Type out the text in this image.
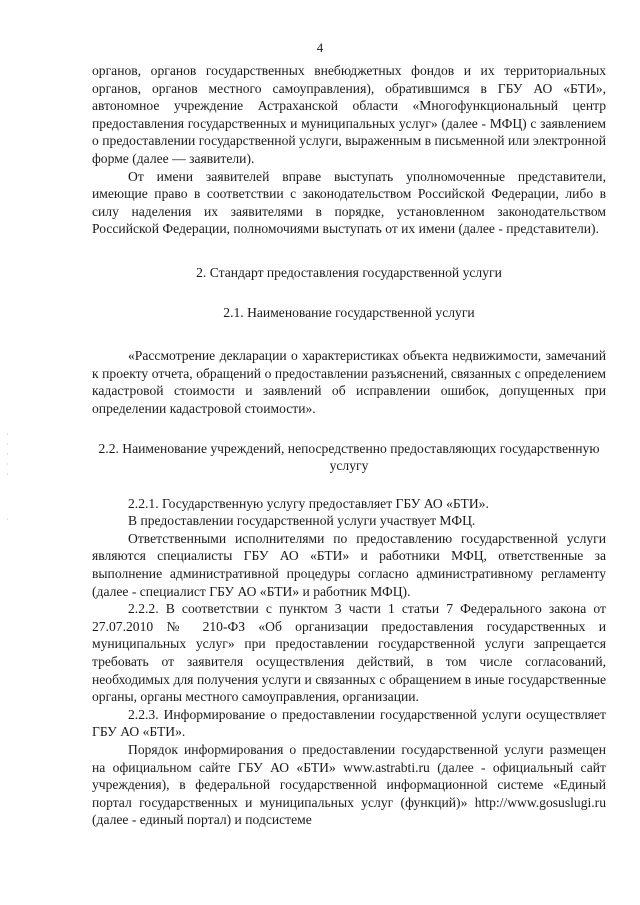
4
·
·
·
·
·
·

органов, органов государственных внебюджетных фондов и их территориальных органов, органов местного самоуправления), обратившимся в ГБУ АО «БТИ», автономное учреждение Астраханской области «Многофункциональный центр предоставления государственных и муниципальных услуг» (далее - МФЦ) с заявлением о предоставлении государственной услуги, выраженным в письменной или электронной форме (далее — заявители).

От имени заявителей вправе выступать уполномоченные представители, имеющие право в соответствии с законодательством Российской Федерации, либо в силу наделения их заявителями в порядке, установленном законодательством Российской Федерации, полномочиями выступать от их имени (далее - представители).

2. Стандарт предоставления государственной услуги

2.1. Наименование государственной услуги

«Рассмотрение декларации о характеристиках объекта недвижимости, замечаний к проекту отчета, обращений о предоставлении разъяснений, связанных с определением кадастровой стоимости и заявлений об исправлении ошибок, допущенных при определении кадастровой стоимости».

2.2. Наименование учреждений, непосредственно предоставляющих государственную услугу

2.2.1. Государственную услугу предоставляет ГБУ АО «БТИ».

В предоставлении государственной услуги участвует МФЦ.

Ответственными исполнителями по предоставлению государственной услуги являются специалисты ГБУ АО «БТИ» и работники МФЦ, ответственные за выполнение административной процедуры согласно административному регламенту (далее - специалист ГБУ АО «БТИ» и работник МФЦ).

2.2.2. В соответствии с пунктом 3 части 1 статьи 7 Федерального закона от 27.07.2010 № 210-ФЗ «Об организации предоставления государственных и муниципальных услуг» при предоставлении государственной услуги запрещается требовать от заявителя осуществления действий, в том числе согласований, необходимых для получения услуги и связанных с обращением в иные государственные органы, органы местного самоуправления, организации.

2.2.3. Информирование о предоставлении государственной услуги осуществляет ГБУ АО «БТИ».

Порядок информирования о предоставлении государственной услуги размещен на официальном сайте ГБУ АО «БТИ» www.astrabti.ru (далее - официальный сайт учреждения), в федеральной государственной информационной системе «Единый портал государственных и муниципальных услуг (функций)» http://www.gosuslugi.ru (далее - единый портал) и подсистеме
